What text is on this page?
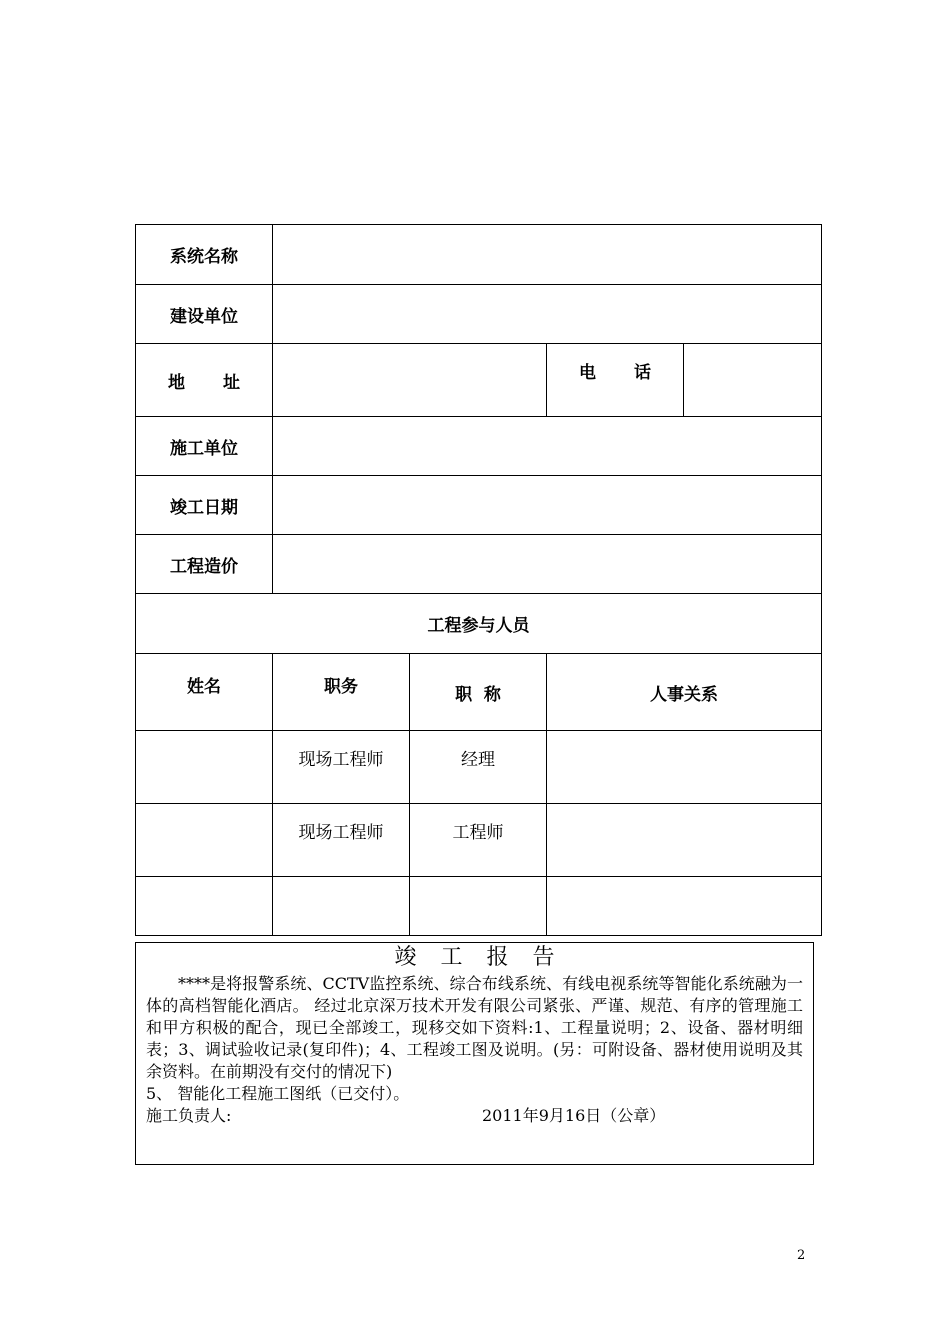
系统名称				
建设单位				
地 址			电 话	
施工单位				
竣工日期				
工程造价				
工程参与人员				
姓名	职务	职  称	人事关系	
	现场工程师	经理		
	现场工程师	工程师		

竣工报告

****是将报警系统、CCTV监控系统、综合布线系统、有线电视系统等智能化系统融为一体的高档智能化酒店。 经过北京深万技术开发有限公司紧张、严谨、规范、有序的管理施工和甲方积极的配合，现已全部竣工，现移交如下资料:1、工程量说明；2、设备、器材明细表；3、调试验收记录(复印件)；4、工程竣工图及说明。(另：可附设备、器材使用说明及其余资料。在前期没有交付的情况下)

5、 智能化工程施工图纸（已交付）。

施工负责人:	2011年9月16日（公章）
2
